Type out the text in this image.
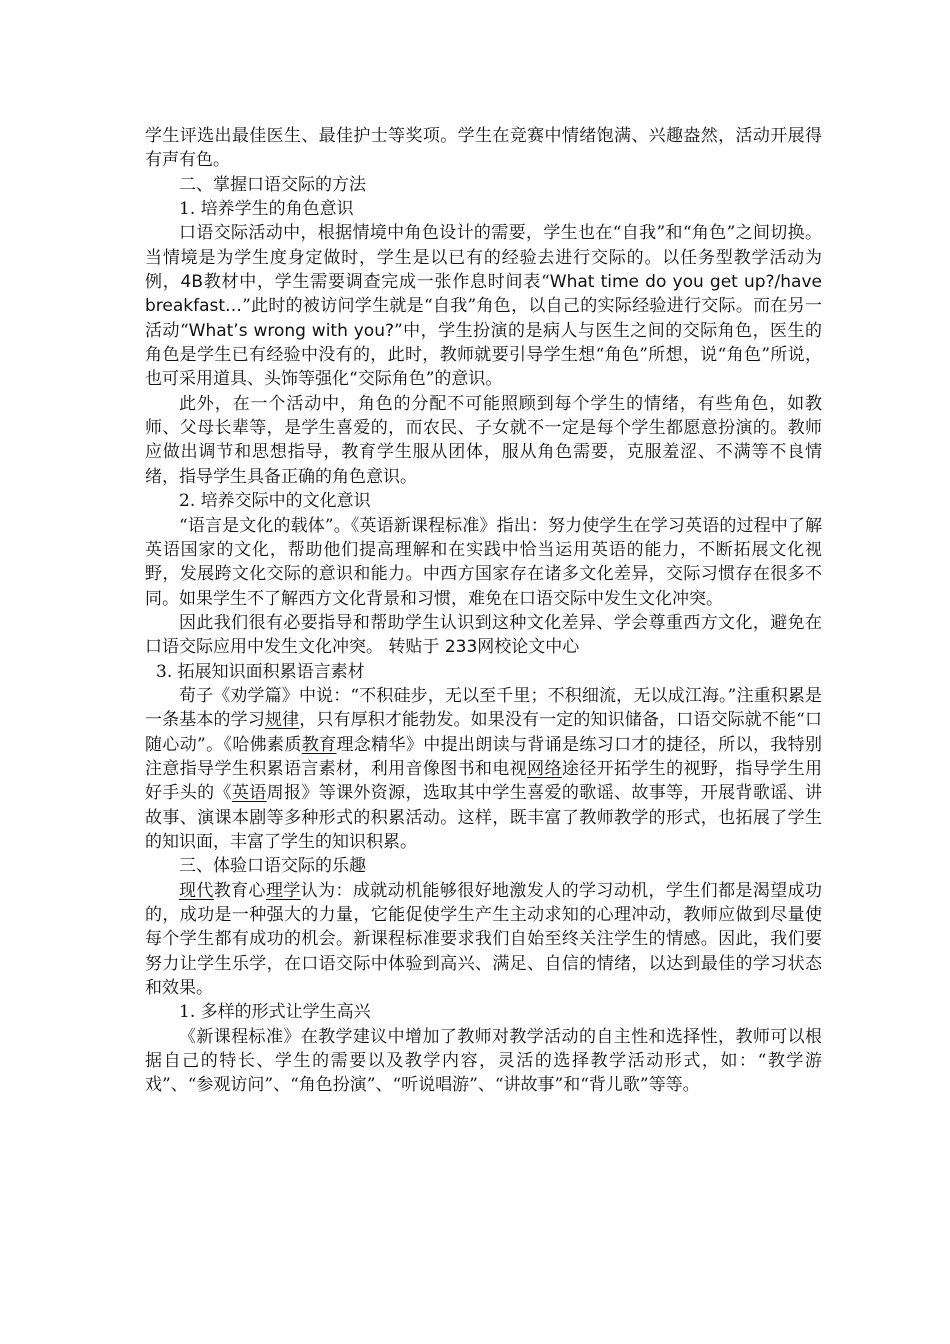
学生评选出最佳医生、最佳护士等奖项。学生在竞赛中情绪饱满、兴趣盎然，活动开展得有声有色。

二、掌握口语交际的方法

1. 培养学生的角色意识

口语交际活动中，根据情境中角色设计的需要，学生也在“自我”和“角色”之间切换。当情境是为学生度身定做时，学生是以已有的经验去进行交际的。以任务型教学活动为例，4B教材中，学生需要调查完成一张作息时间表“What time do you get up?/have breakfast…”此时的被访问学生就是“自我”角色，以自己的实际经验进行交际。而在另一活动“What’s wrong with you?”中，学生扮演的是病人与医生之间的交际角色，医生的角色是学生已有经验中没有的，此时，教师就要引导学生想“角色”所想，说“角色”所说，也可采用道具、头饰等强化“交际角色”的意识。

此外，在一个活动中，角色的分配不可能照顾到每个学生的情绪，有些角色，如教师、父母长辈等，是学生喜爱的，而农民、子女就不一定是每个学生都愿意扮演的。教师应做出调节和思想指导，教育学生服从团体，服从角色需要，克服羞涩、不满等不良情绪，指导学生具备正确的角色意识。

2. 培养交际中的文化意识

“语言是文化的载体”。《英语新课程标准》指出：努力使学生在学习英语的过程中了解英语国家的文化，帮助他们提高理解和在实践中恰当运用英语的能力，不断拓展文化视野，发展跨文化交际的意识和能力。中西方国家存在诸多文化差异，交际习惯存在很多不同。如果学生不了解西方文化背景和习惯，难免在口语交际中发生文化冲突。

因此我们很有必要指导和帮助学生认识到这种文化差异、学会尊重西方文化，避免在口语交际应用中发生文化冲突。 转贴于 233网校论文中心

3. 拓展知识面积累语言素材

荀子《劝学篇》中说：“不积硅步，无以至千里；不积细流，无以成江海。”注重积累是一条基本的学习规律，只有厚积才能勃发。如果没有一定的知识储备，口语交际就不能“口随心动”。《哈佛素质教育理念精华》中提出朗读与背诵是练习口才的捷径，所以，我特别注意指导学生积累语言素材，利用音像图书和电视网络途径开拓学生的视野，指导学生用好手头的《英语周报》等课外资源，选取其中学生喜爱的歌谣、故事等，开展背歌谣、讲故事、演课本剧等多种形式的积累活动。这样，既丰富了教师教学的形式，也拓展了学生的知识面，丰富了学生的知识积累。

三、体验口语交际的乐趣

现代教育心理学认为：成就动机能够很好地激发人的学习动机，学生们都是渴望成功的，成功是一种强大的力量，它能促使学生产生主动求知的心理冲动，教师应做到尽量使每个学生都有成功的机会。新课程标准要求我们自始至终关注学生的情感。因此，我们要努力让学生乐学，在口语交际中体验到高兴、满足、自信的情绪，以达到最佳的学习状态和效果。

1. 多样的形式让学生高兴

《新课程标准》在教学建议中增加了教师对教学活动的自主性和选择性，教师可以根据自己的特长、学生的需要以及教学内容，灵活的选择教学活动形式，如：“教学游戏”、“参观访问”、“角色扮演”、“听说唱游”、“讲故事”和“背儿歌”等等。
